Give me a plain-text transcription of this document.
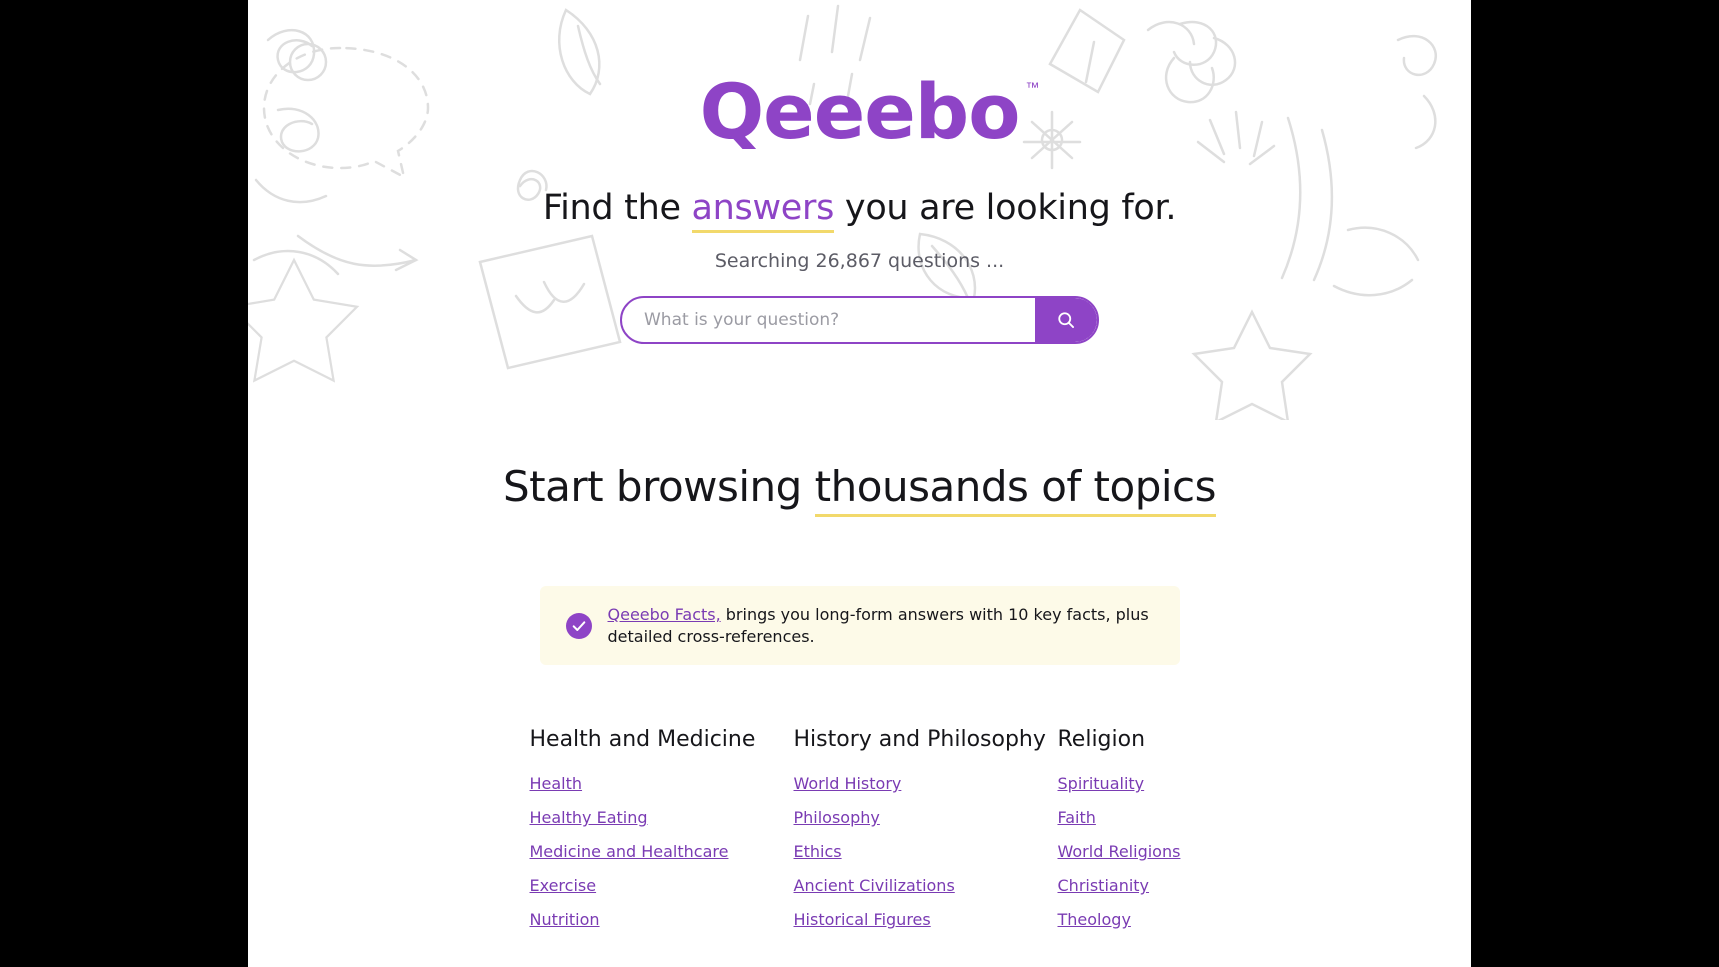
Qeeebo ™
Find the answers you are looking for.
Searching 26,867 questions ...
What is your question?
Start browsing thousands of topics
Qeeebo Facts, brings you long-form answers with 10 key facts, plus detailed cross-references.
Health and Medicine
Health
Healthy Eating
Medicine and Healthcare
Exercise
Nutrition
History and Philosophy
World History
Philosophy
Ethics
Ancient Civilizations
Historical Figures
Religion
Spirituality
Faith
World Religions
Christianity
Theology
